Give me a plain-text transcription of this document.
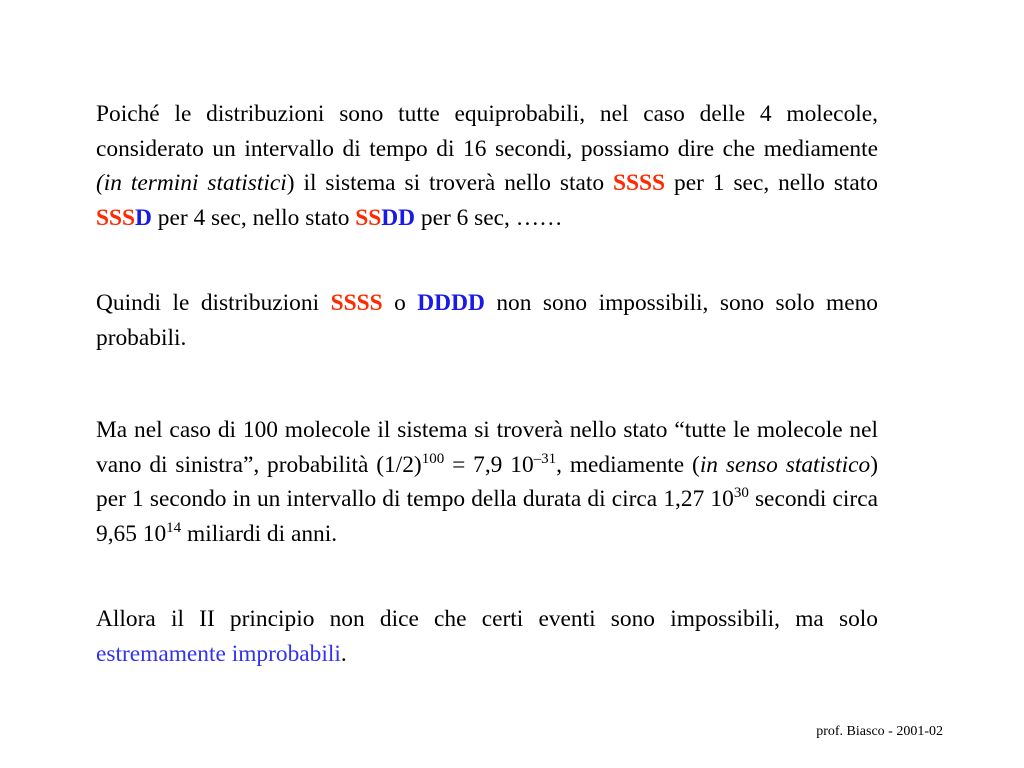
Poiché le distribuzioni sono tutte equiprobabili, nel caso delle 4 molecole, considerato un intervallo di tempo di 16 secondi, possiamo dire che mediamente (in termini statistici) il sistema si troverà nello stato SSSS per 1 sec, nello stato SSSD per 4 sec, nello stato SSDD per 6 sec, ……

Quindi le distribuzioni SSSS o DDDD non sono impossibili, sono solo meno probabili.

Ma nel caso di 100 molecole il sistema si troverà nello stato “tutte le molecole nel vano di sinistra”, probabilità $(1/2)^{100} = 7,9$ $10^{-31}$, mediamente (in senso statistico) per 1 secondo in un intervallo di tempo della durata di circa 1,27 $10^{30}$ secondi circa 9,65 $10^{14}$ miliardi di anni.

Allora il II principio non dice che certi eventi sono impossibili, ma solo estremamente improbabili.

prof. Biasco - 2001-02
